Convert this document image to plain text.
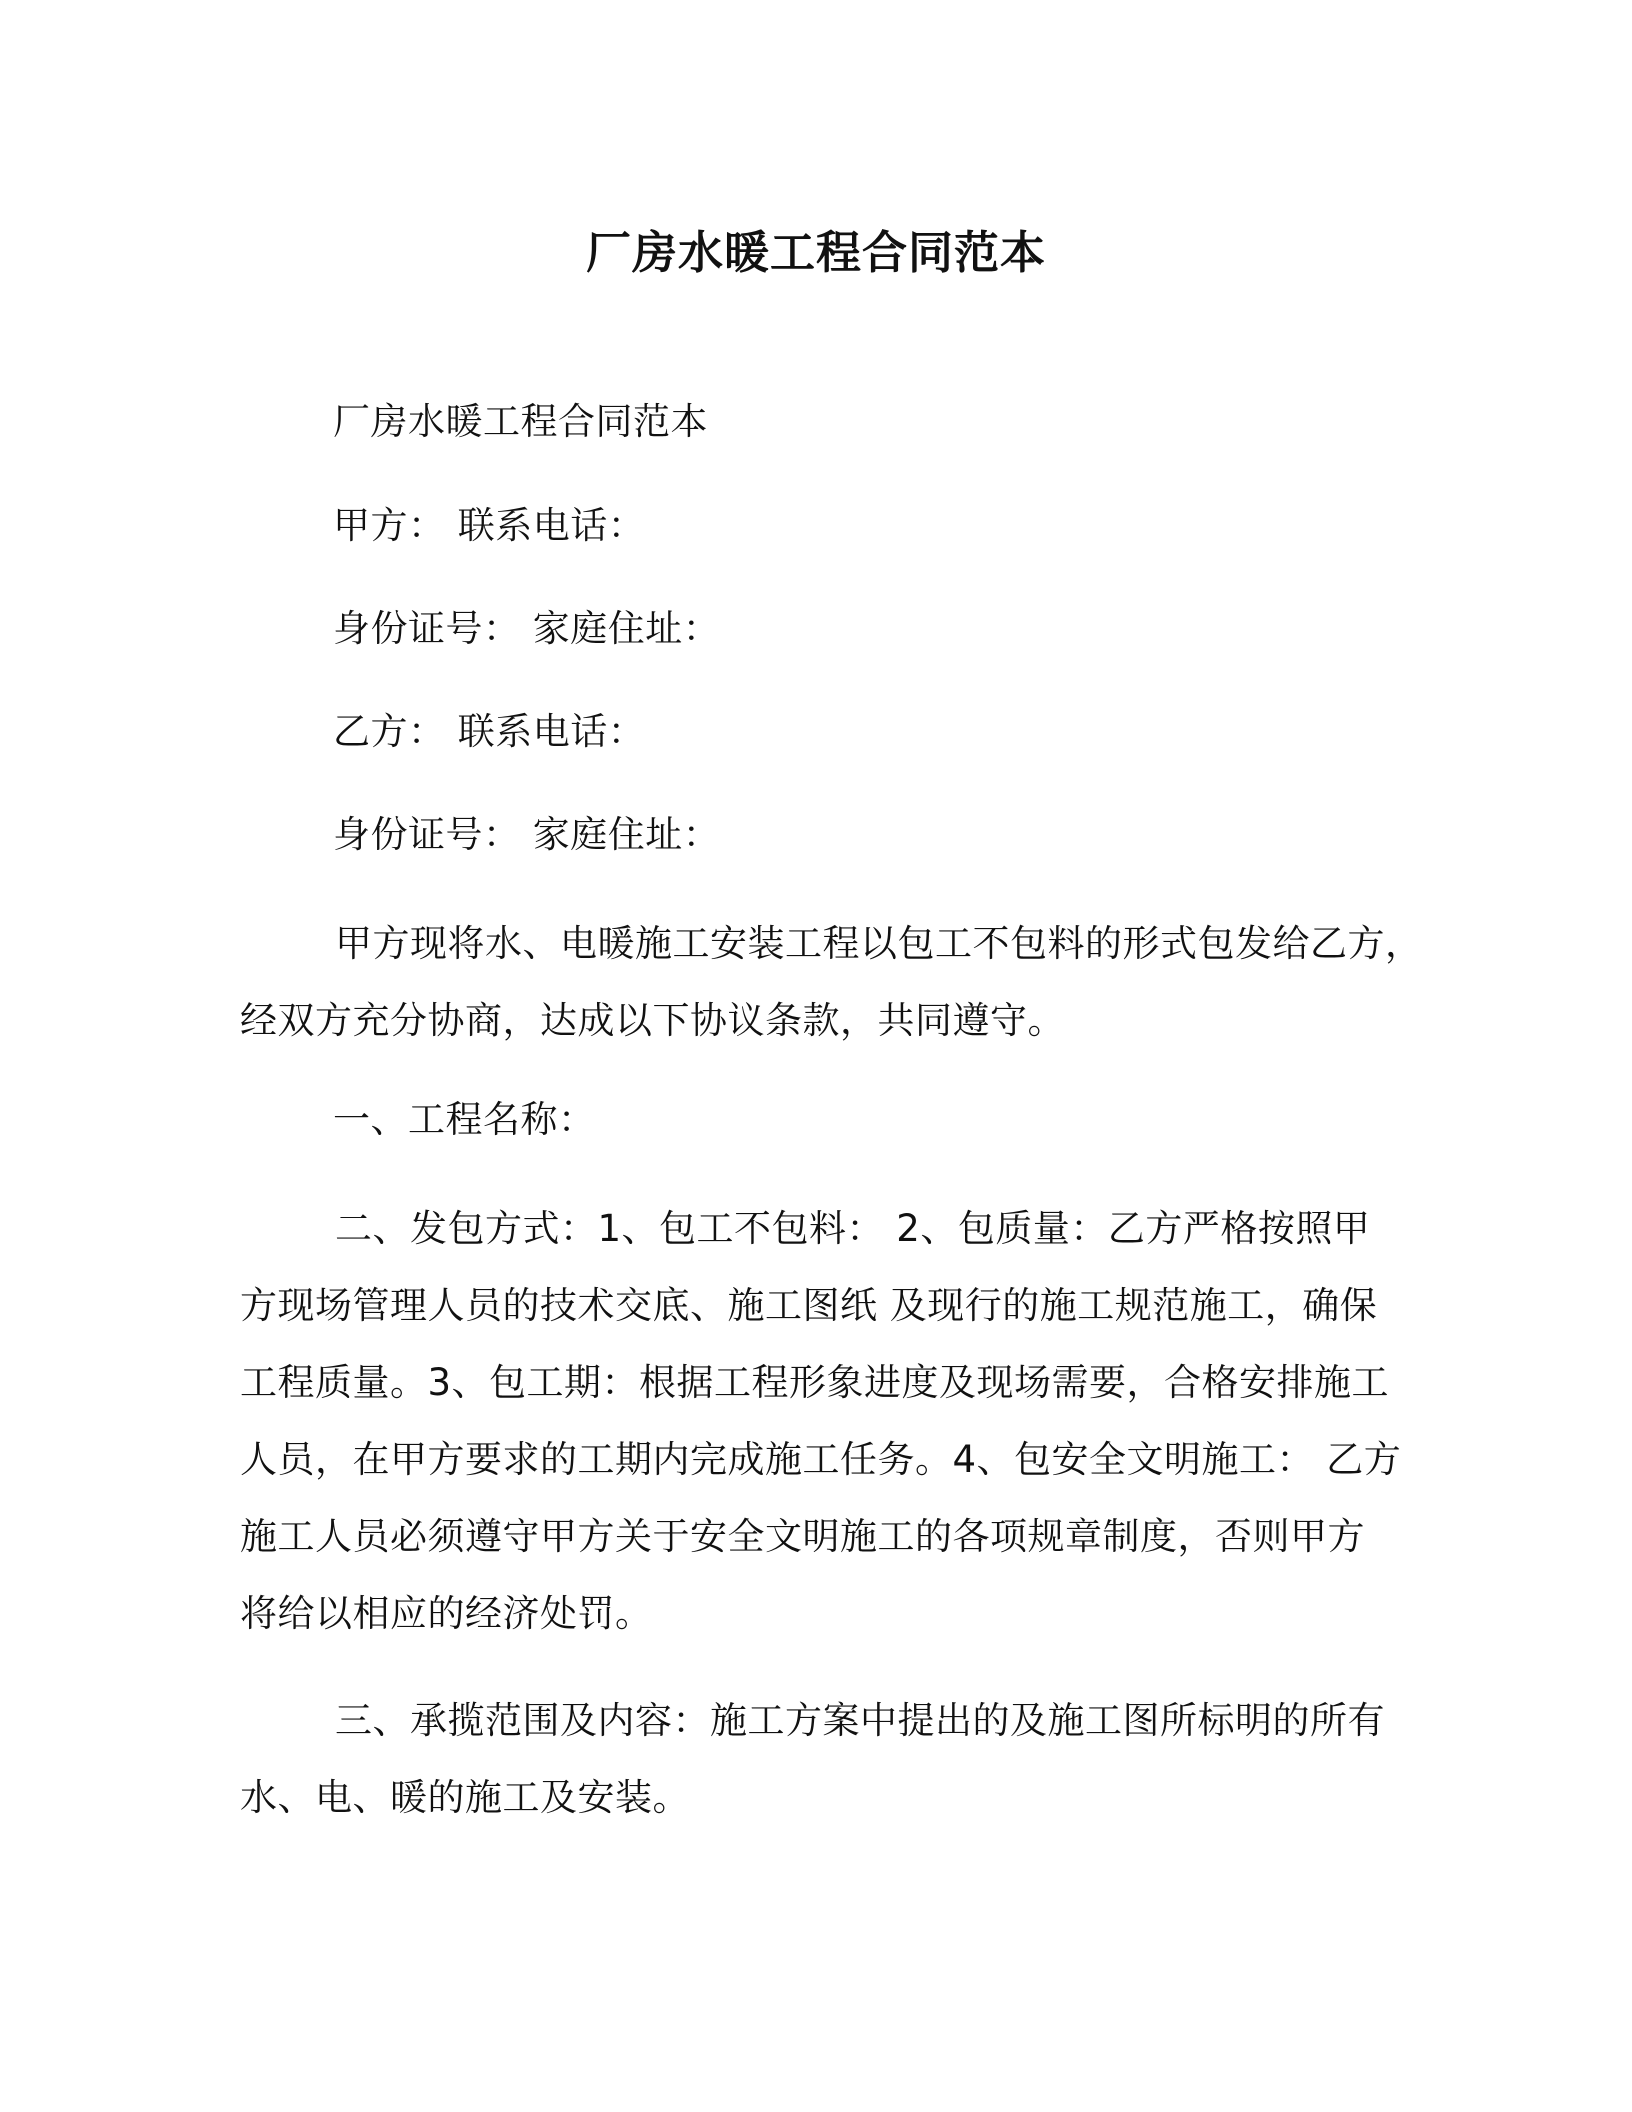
厂房水暖工程合同范本
厂房水暖工程合同范本
甲方： 联系电话：
身份证号： 家庭住址：
乙方： 联系电话：
身份证号： 家庭住址：
甲方现将水、电暖施工安装工程以包工不包料的形式包发给乙方，
经双方充分协商，达成以下协议条款，共同遵守。
一、工程名称：
二、发包方式：1、包工不包料： 2、包质量：乙方严格按照甲
方现场管理人员的技术交底、施工图纸 及现行的施工规范施工，确保
工程质量。3、包工期：根据工程形象进度及现场需要，合格安排施工
人员，在甲方要求的工期内完成施工任务。4、包安全文明施工： 乙方
施工人员必须遵守甲方关于安全文明施工的各项规章制度，否则甲方
将给以相应的经济处罚。
三、承揽范围及内容：施工方案中提出的及施工图所标明的所有
水、电、暖的施工及安装。
